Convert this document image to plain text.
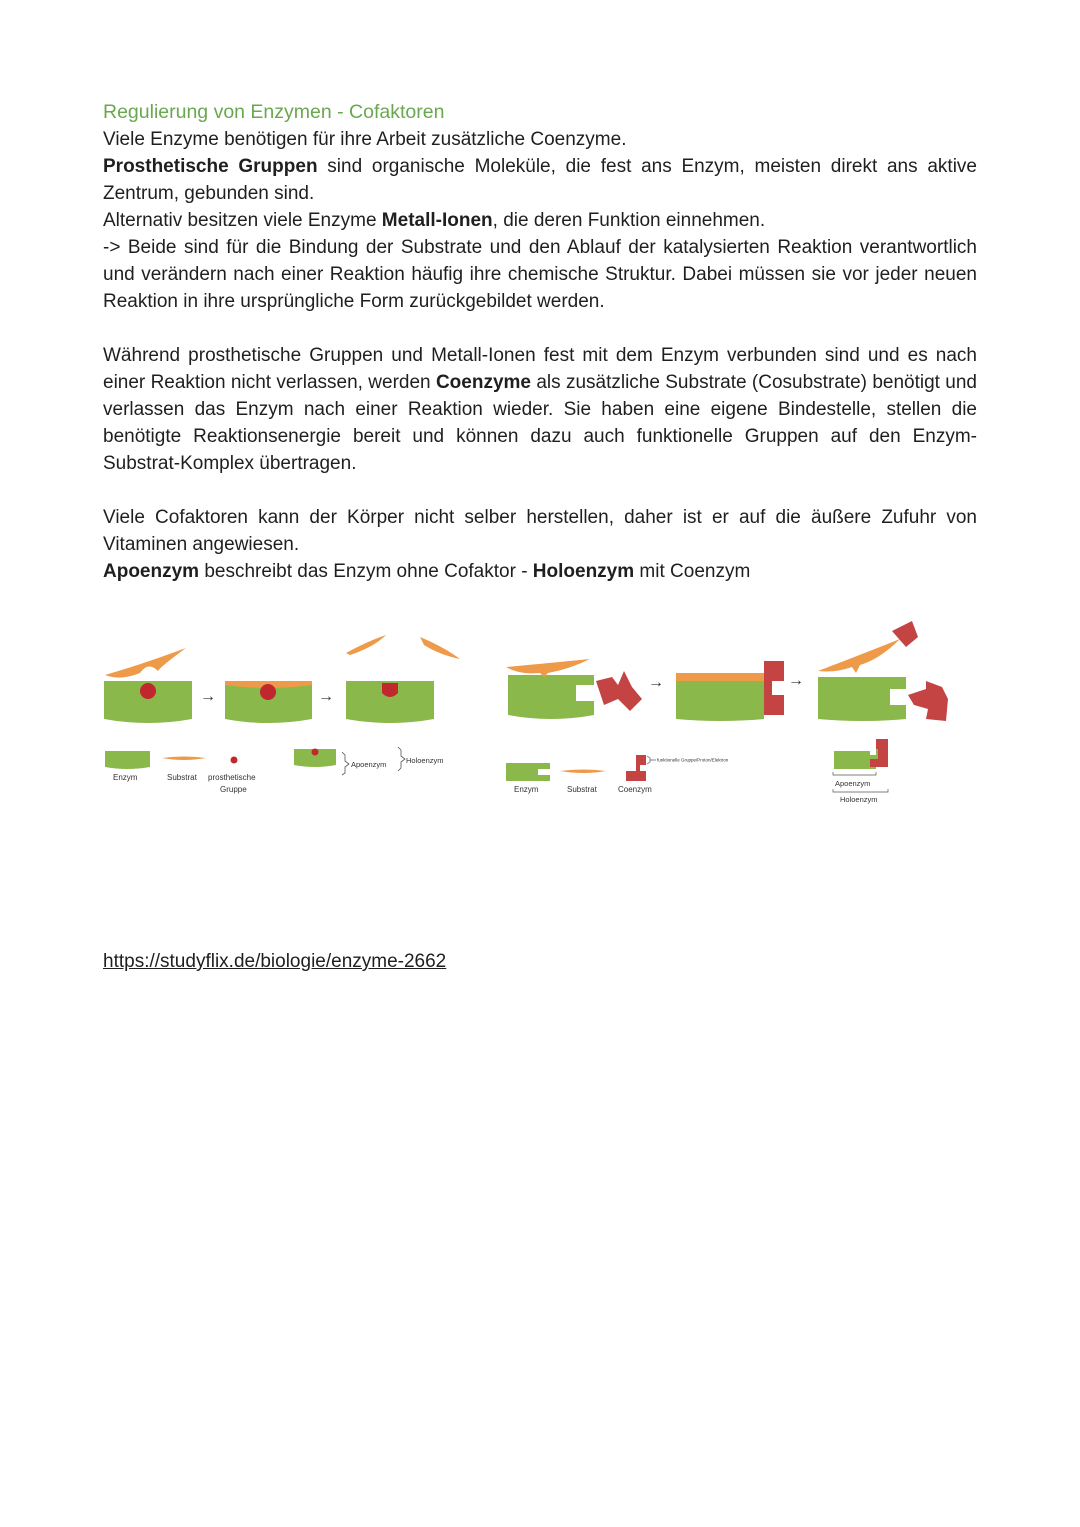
Regulierung von Enzymen - Cofaktoren

Viele Enzyme benötigen für ihre Arbeit zusätzliche Coenzyme.

Prosthetische Gruppen sind organische Moleküle, die fest ans Enzym, meisten direkt ans aktive Zentrum, gebunden sind.

Alternativ besitzen viele Enzyme Metall-Ionen, die deren Funktion einnehmen.

-> Beide sind für die Bindung der Substrate und den Ablauf der katalysierten Reaktion verantwortlich und verändern nach einer Reaktion häufig ihre chemische Struktur. Dabei müssen sie vor jeder neuen Reaktion in ihre ursprüngliche Form zurückgebildet werden.

Während prosthetische Gruppen und Metall-Ionen fest mit dem Enzym verbunden sind und es nach einer Reaktion nicht verlassen, werden Coenzyme als zusätzliche Substrate (Cosubstrate) benötigt und verlassen das Enzym nach einer Reaktion wieder. Sie haben eine eigene Bindestelle, stellen die benötigte Reaktionsenergie bereit und können dazu auch funktionelle Gruppen auf den Enzym-Substrat-Komplex übertragen.

Viele Cofaktoren kann der Körper nicht selber herstellen, daher ist er auf die äußere Zufuhr von Vitaminen angewiesen.

Apoenzym beschreibt das Enzym ohne Cofaktor - Holoenzym mit Coenzym

→	→
Enzym	Substrat prosthetische
Gruppe
Apoenzym	Holoenzym
→	→
Enzym	Substrat	Coenzym
funktionelle Gruppe/Proton/Elektron
Apoenzym
Holoenzym
https://studyflix.de/biologie/enzyme-2662
